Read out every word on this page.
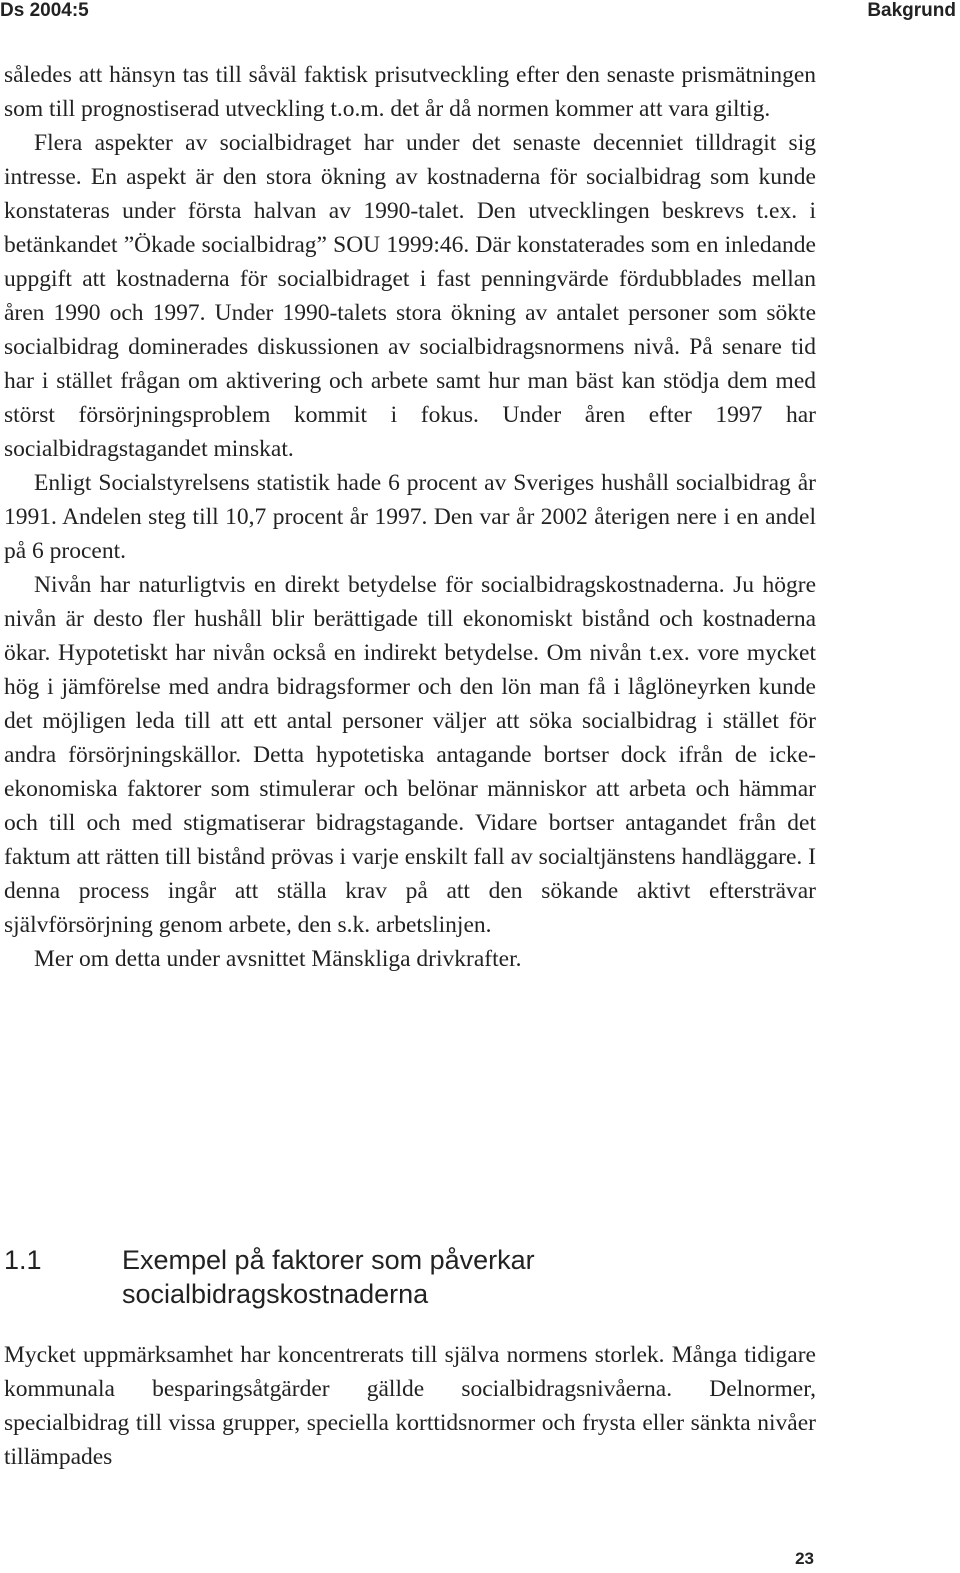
Ds 2004:5	Bakgrund

således att hänsyn tas till såväl faktisk prisutveckling efter den senaste prismätningen som till prognostiserad utveckling t.o.m. det år då normen kommer att vara giltig.

Flera aspekter av socialbidraget har under det senaste decenniet tilldragit sig intresse. En aspekt är den stora ökning av kostnaderna för socialbidrag som kunde konstateras under första halvan av 1990-talet. Den utvecklingen beskrevs t.ex. i betänkandet ”Ökade socialbidrag” SOU 1999:46. Där konstaterades som en inledande uppgift att kostnaderna för socialbidraget i fast penningvärde fördubblades mellan åren 1990 och 1997. Under 1990-talets stora ökning av antalet personer som sökte socialbidrag dominerades diskussionen av socialbidragsnormens nivå. På senare tid har i stället frågan om aktivering och arbete samt hur man bäst kan stödja dem med störst försörjningsproblem kommit i fokus. Under åren efter 1997 har socialbidragstagandet minskat.

Enligt Socialstyrelsens statistik hade 6 procent av Sveriges hushåll socialbidrag år 1991. Andelen steg till 10,7 procent år 1997. Den var år 2002 återigen nere i en andel på 6 procent.

Nivån har naturligtvis en direkt betydelse för socialbidragskostnaderna. Ju högre nivån är desto fler hushåll blir berättigade till ekonomiskt bistånd och kostnaderna ökar. Hypotetiskt har nivån också en indirekt betydelse. Om nivån t.ex. vore mycket hög i jämförelse med andra bidragsformer och den lön man få i låglöneyrken kunde det möjligen leda till att ett antal personer väljer att söka socialbidrag i stället för andra försörjningskällor. Detta hypotetiska antagande bortser dock ifrån de icke-ekonomiska faktorer som stimulerar och belönar människor att arbeta och hämmar och till och med stigmatiserar bidragstagande. Vidare bortser antagandet från det faktum att rätten till bistånd prövas i varje enskilt fall av socialtjänstens handläggare. I denna process ingår att ställa krav på att den sökande aktivt eftersträvar självförsörjning genom arbete, den s.k. arbetslinjen.

Mer om detta under avsnittet Mänskliga drivkrafter.

1.1	Exempel på faktorer som påverkar socialbidragskostnaderna

Mycket uppmärksamhet har koncentrerats till själva normens storlek. Många tidigare kommunala besparingsåtgärder gällde socialbidragsnivåerna. Delnormer, specialbidrag till vissa grupper, speciella korttidsnormer och frysta eller sänkta nivåer tillämpades

23
